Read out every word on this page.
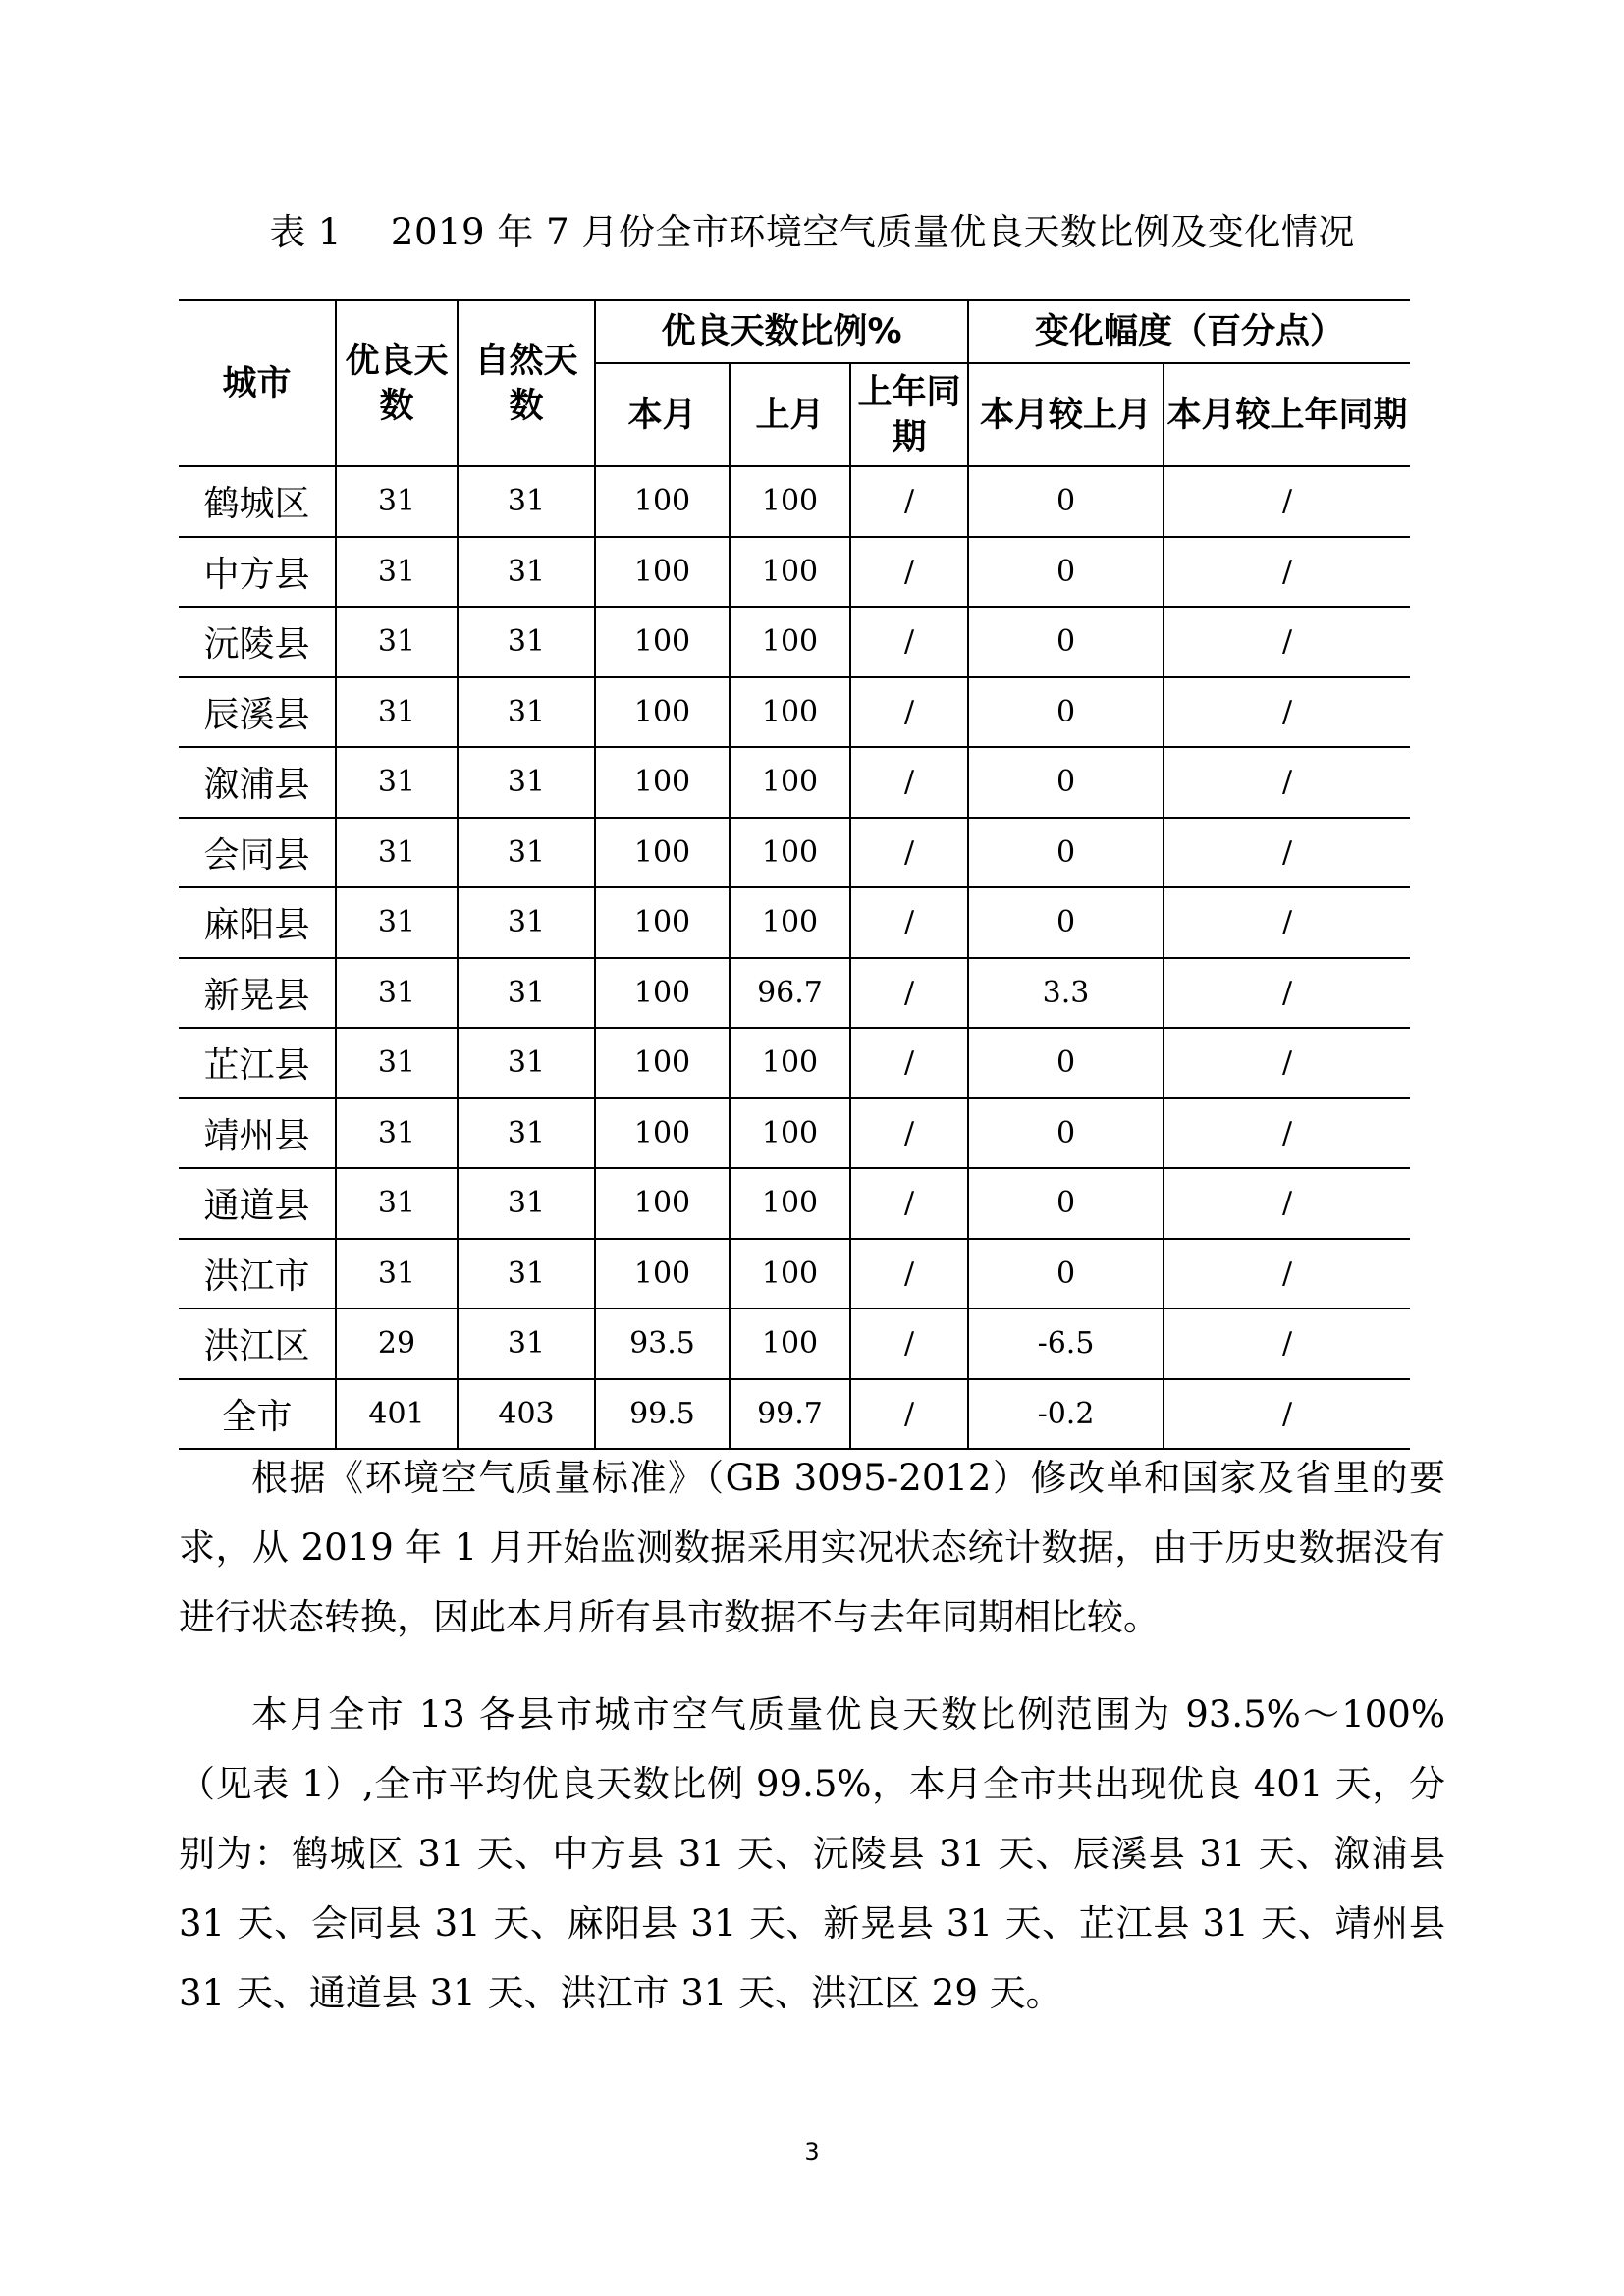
表 1 2019 年 7 月份全市环境空气质量优良天数比例及变化情况
城市	优良天数	自然天数	优良天数比例%			变化幅度（百分点）	
			本月	上月	上年同期	本月较上月	本月较上年同期
鹤城区	31	31	100	100	/	0	/
中方县	31	31	100	100	/	0	/
沅陵县	31	31	100	100	/	0	/
辰溪县	31	31	100	100	/	0	/
溆浦县	31	31	100	100	/	0	/
会同县	31	31	100	100	/	0	/
麻阳县	31	31	100	100	/	0	/
新晃县	31	31	100	96.7	/	3.3	/
芷江县	31	31	100	100	/	0	/
靖州县	31	31	100	100	/	0	/
通道县	31	31	100	100	/	0	/
洪江市	31	31	100	100	/	0	/
洪江区	29	31	93.5	100	/	-6.5	/
全市	401	403	99.5	99.7	/	-0.2	/

根据《环境空气质量标准》（GB 3095-2012）修改单和国家及省里的要求，从 2019 年 1 月开始监测数据采用实况状态统计数据，由于历史数据没有进行状态转换，因此本月所有县市数据不与去年同期相比较。

本月全市 13 各县市城市空气质量优良天数比例范围为 93.5%～100%（见表 1）,全市平均优良天数比例 99.5%，本月全市共出现优良 401 天，分别为：鹤城区 31 天、中方县 31 天、沅陵县 31 天、辰溪县 31 天、溆浦县 31 天、会同县 31 天、麻阳县 31 天、新晃县 31 天、芷江县 31 天、靖州县 31 天、通道县 31 天、洪江市 31 天、洪江区 29 天。

3
